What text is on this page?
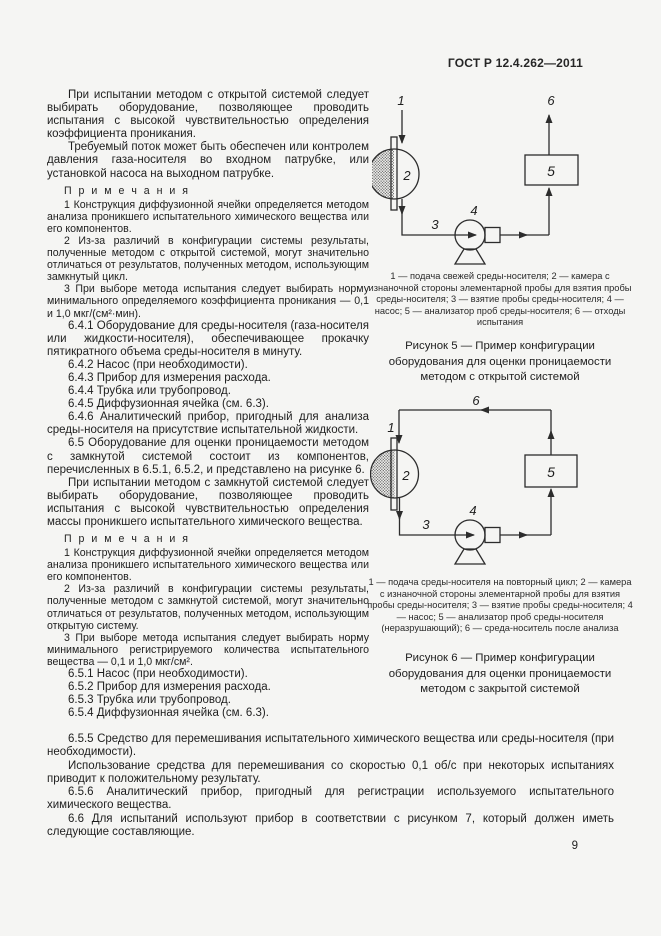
ГОСТ Р 12.4.262—2011

При испытании методом с открытой системой следует выбирать оборудование, позволяющее проводить испытания с высокой чувствительностью определения коэффициента проникания.

Требуемый поток может быть обеспечен или контролем давления газа-носителя во входном патрубке, или установкой насоса на выходном патрубке.

П р и м е ч а н и я

1 Конструкция диффузионной ячейки определяется методом анализа проникшего испытательного химического вещества или его компонентов.

2 Из-за различий в конфигурации системы результаты, полученные методом с открытой системой, могут значительно отличаться от результатов, полученных методом, использующим замкнутый цикл.

3 При выборе метода испытания следует выбирать норму минимального определяемого коэффициента проникания — 0,1 и 1,0 мкг/(см²·мин).

6.4.1 Оборудование для среды-носителя (газа-носителя или жидкости-носителя), обеспечивающее прокачку пятикратного объема среды-носителя в минуту.

6.4.2 Насос (при необходимости).

6.4.3 Прибор для измерения расхода.

6.4.4 Трубка или трубопровод.

6.4.5 Диффузионная ячейка (см. 6.3).

6.4.6 Аналитический прибор, пригодный для анализа среды-носителя на присутствие испытательной жидкости.

6.5 Оборудование для оценки проницаемости методом с замкнутой системой состоит из компонентов, перечисленных в 6.5.1, 6.5.2, и представлено на рисунке 6.

При испытании методом с замкнутой системой следует выбирать оборудование, позволяющее проводить испытания с высокой чувствительностью определения массы проникшего испытательного химического вещества.

П р и м е ч а н и я

1 Конструкция диффузионной ячейки определяется методом анализа проникшего испытательного химического вещества или его компонентов.

2 Из-за различий в конфигурации системы результаты, полученные методом с замкнутой системой, могут значительно отличаться от результатов, полученных методом, использующим открытую систему.

3 При выборе метода испытания следует выбирать норму минимального регистрируемого количества испытательного вещества — 0,1 и 1,0 мкг/см².

6.5.1 Насос (при необходимости).

6.5.2 Прибор для измерения расхода.

6.5.3 Трубка или трубопровод.

6.5.4 Диффузионная ячейка (см. 6.3).

1
2
3
4
5
6
1 — подача свежей среды-носителя; 2 — камера с изнаночной стороны элементарной пробы для взятия пробы среды-носителя; 3 — взятие пробы среды-носителя; 4 — насос; 5 — анализатор проб среды-носителя; 6 — отходы испытания
Рисунок 5 — Пример конфигурации оборудования для оценки проницаемости методом с открытой системой
6
1
2
3
4
5
1 — подача среды-носителя на повторный цикл; 2 — камера с изнаночной стороны элементарной пробы для взятия пробы среды-носителя; 3 — взятие пробы среды-носителя; 4 — насос; 5 — анализатор проб среды-носителя (неразрушающий); 6 — среда-носитель после анализа
Рисунок 6 — Пример конфигурации оборудования для оценки проницаемости методом с закрытой системой

6.5.5 Средство для перемешивания испытательного химического вещества или среды-носителя (при необходимости).

Использование средства для перемешивания со скоростью 0,1 об/с при некоторых испытаниях приводит к положительному результату.

6.5.6 Аналитический прибор, пригодный для регистрации используемого испытательного химического вещества.

6.6 Для испытаний используют прибор в соответствии с рисунком 7, который должен иметь следующие составляющие.

9
